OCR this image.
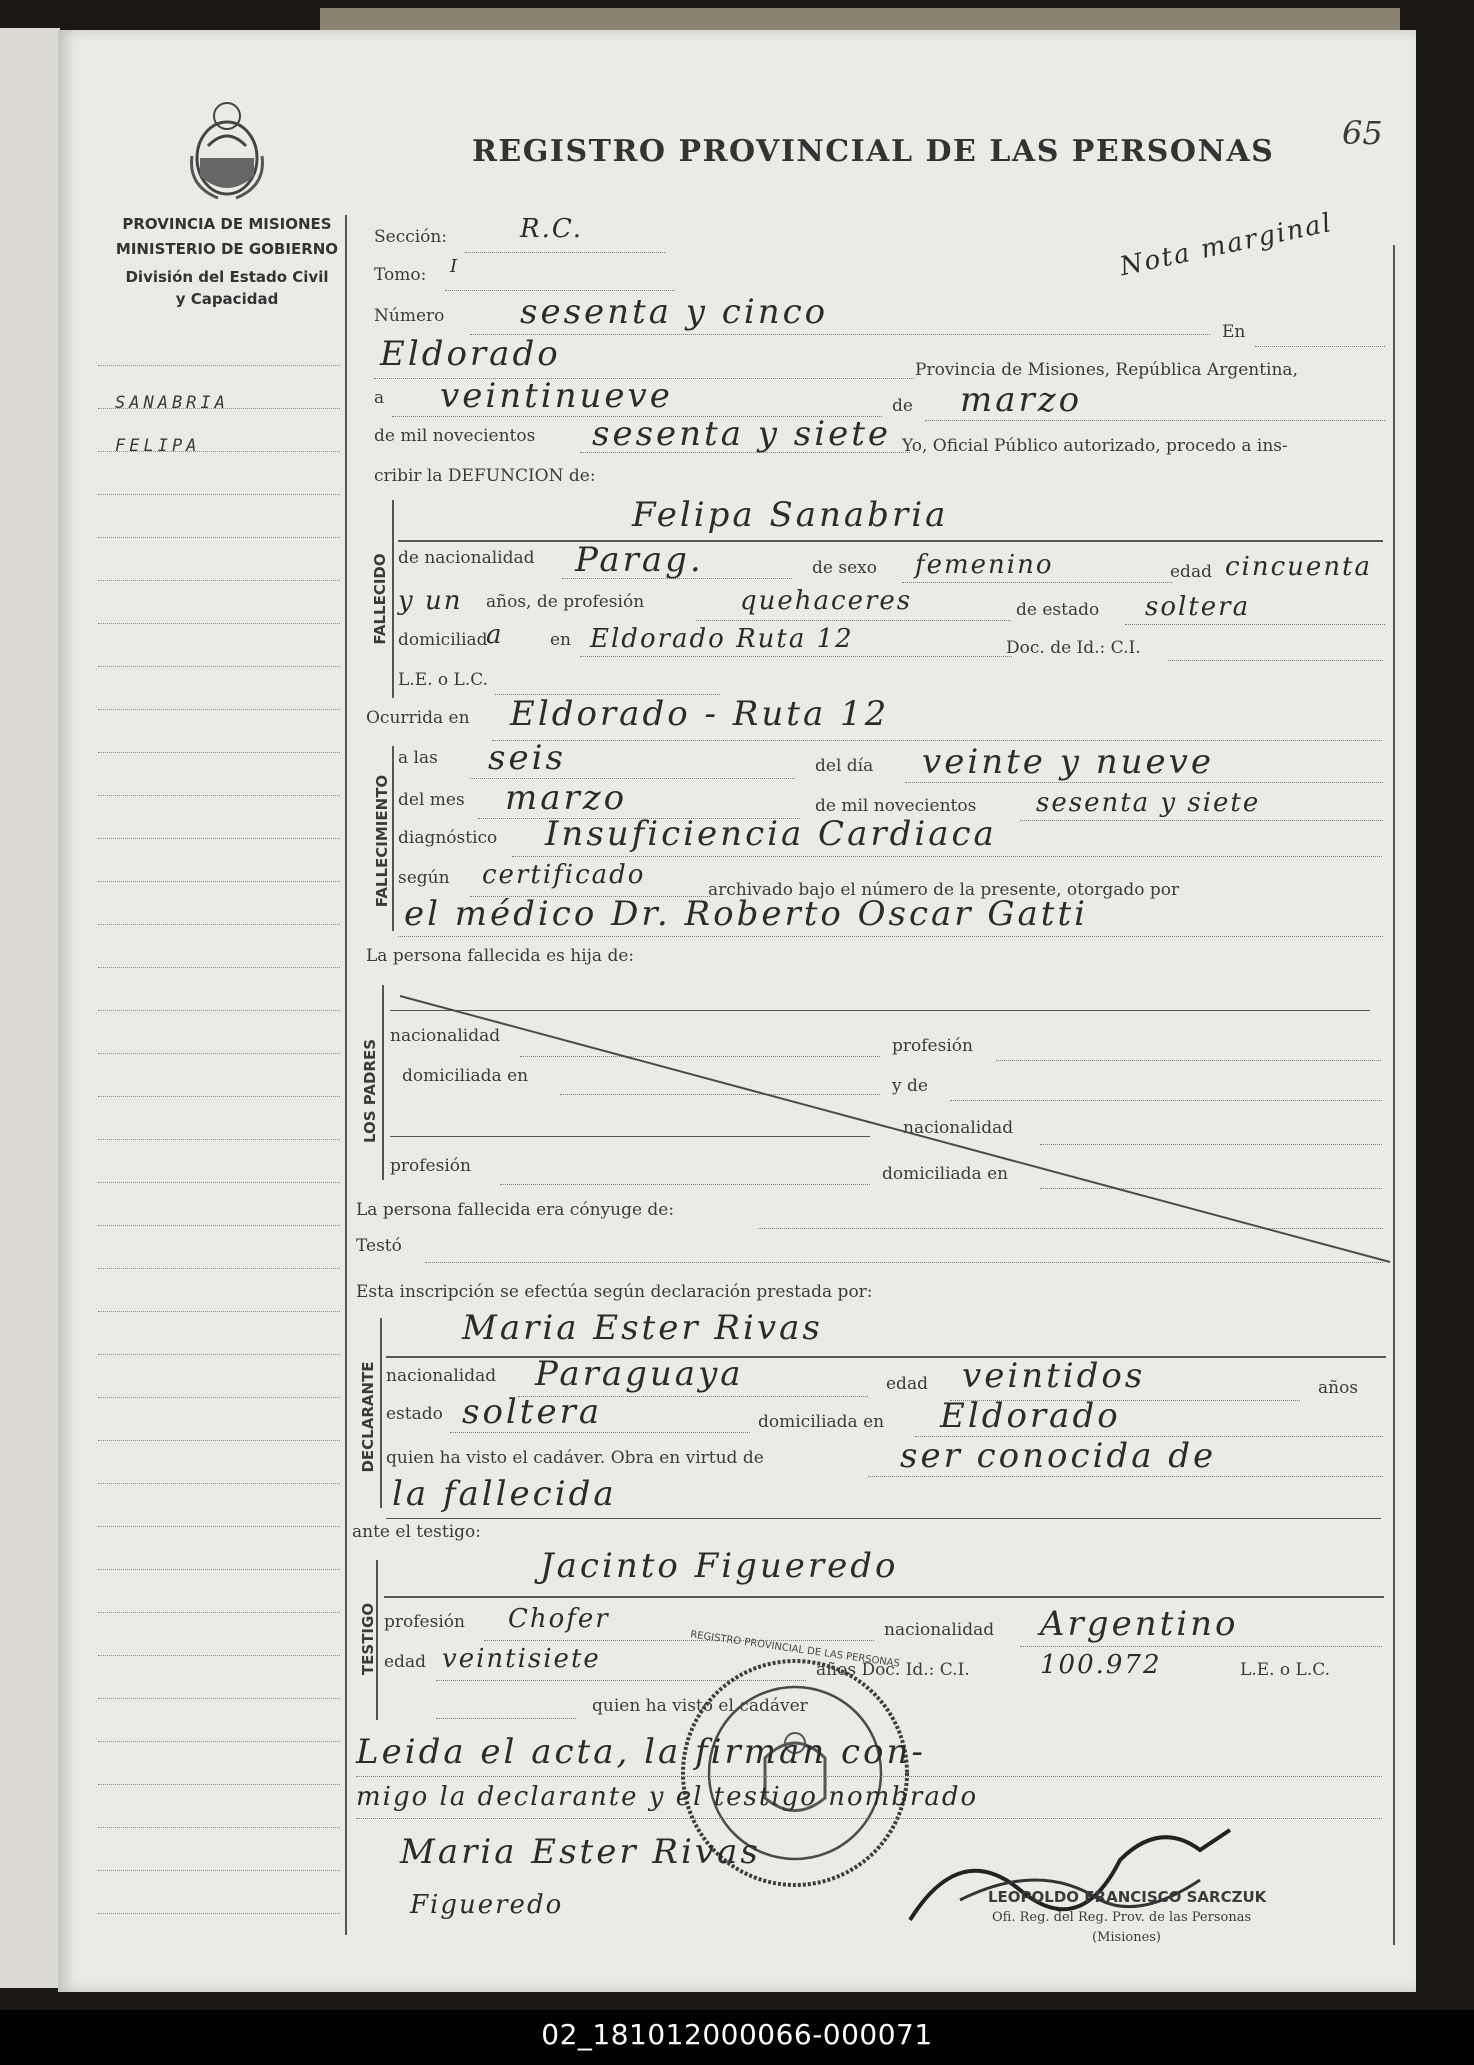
PROVINCIA DE MISIONES
MINISTERIO DE GOBIERNO
División del Estado Civil
y Capacidad
REGISTRO PROVINCIAL DE LAS PERSONAS 65
Nota marginal
SANABRIA
FELIPA
Sección:	R.C.
Tomo: I
Número sesenta y cinco	En
Eldorado	Provincia de Misiones, República Argentina,
a veintinueve	de marzo
de mil novecientos sesenta y siete Yo, Oficial Público autorizado, procedo a ins-
cribir la DEFUNCION de:
FALLECIDO
Felipa Sanabria
de nacionalidad Parag.	de sexo femenino	edad cincuenta
y un años, de profesión	quehaceres	de estado soltera
domiciliad
a	en Eldorado Ruta 12	Doc. de Id.: C.I.
L.E. o L.C.
Ocurrida en Eldorado - Ruta 12
FALLECIMIENTO
a las seis	del día veinte y nueve
del mes marzo	de mil novecientos sesenta y siete
diagnóstico Insuficiencia Cardiaca
según certificado	archivado bajo el número de la presente, otorgado por
el médico Dr. Roberto Oscar Gatti
La persona fallecida es hija de:
LOS PADRES
nacionalidad	profesión
domiciliada en	y de
nacionalidad
profesión	domiciliada en
La persona fallecida era cónyuge de:
Testó
Esta inscripción se efectúa según declaración prestada por:
DECLARANTE
Maria Ester Rivas
nacionalidad Paraguaya	edad veintidos	años
estado soltera	domiciliada en Eldorado
quien ha visto el cadáver. Obra en virtud de	ser conocida de
la fallecida
ante el testigo:
TESTIGO
Jacinto Figueredo
profesión Chofer	nacionalidad Argentino
edad veintisiete	años Doc. Id.: C.I.	100.972	L.E. o L.C.
quien ha visto el cadáver
REGISTRO PROVINCIAL DE LAS PERSONAS
Leida el acta, la firman con-
migo la declarante y el testigo nombrado
Maria Ester Rivas
Figueredo	LEOPOLDO FRANCISCO SARCZUK
Ofi. Reg. del Reg. Prov. de las Personas
(Misiones)
02_181012000066-000071
